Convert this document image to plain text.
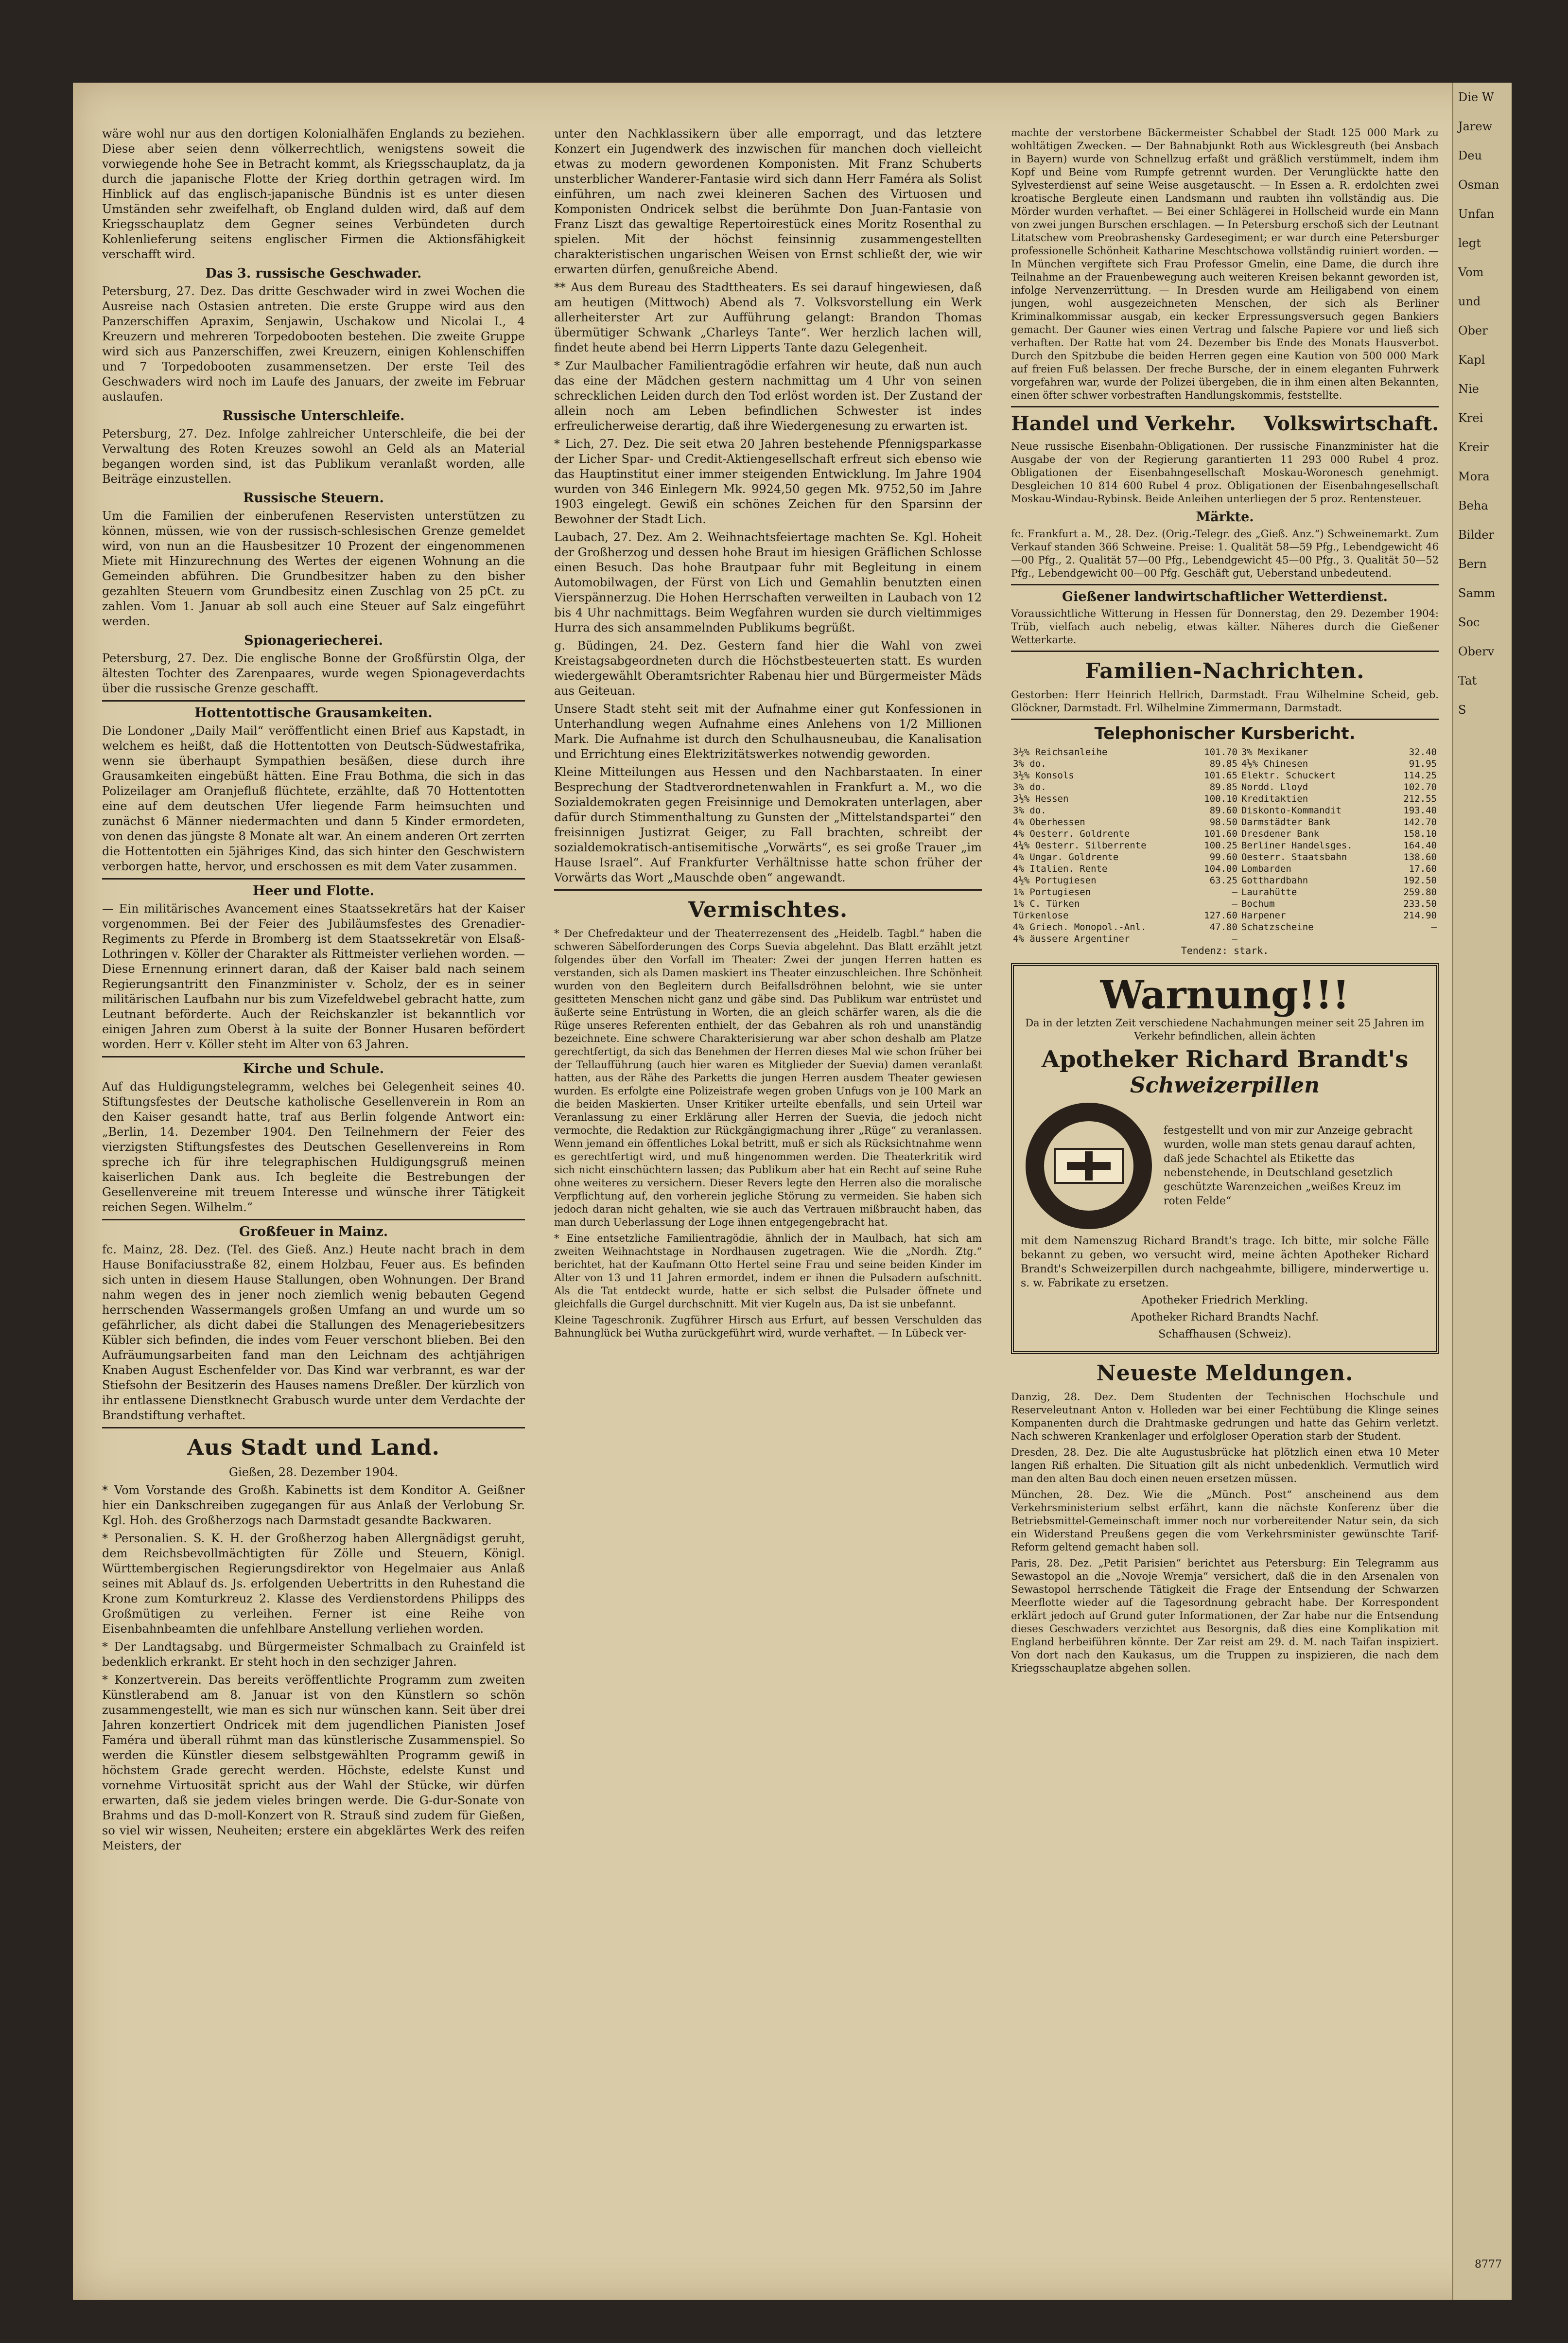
wäre wohl nur aus den dortigen Kolonialhäfen Englands zu beziehen. Diese aber seien denn völkerrechtlich, wenigstens soweit die vorwiegende hohe See in Betracht kommt, als Kriegsschauplatz, da ja durch die japanische Flotte der Krieg dorthin getragen wird. Im Hinblick auf das englisch-japanische Bündnis ist es unter diesen Umständen sehr zweifelhaft, ob England dulden wird, daß auf dem Kriegsschauplatz dem Gegner seines Verbündeten durch Kohlenlieferung seitens englischer Firmen die Aktionsfähigkeit verschafft wird.

Das 3. russische Geschwader.

Petersburg, 27. Dez. Das dritte Geschwader wird in zwei Wochen die Ausreise nach Ostasien antreten. Die erste Gruppe wird aus den Panzerschiffen Apraxim, Senjawin, Uschakow und Nicolai I., 4 Kreuzern und mehreren Torpedobooten bestehen. Die zweite Gruppe wird sich aus Panzerschiffen, zwei Kreuzern, einigen Kohlenschiffen und 7 Torpedobooten zusammensetzen. Der erste Teil des Geschwaders wird noch im Laufe des Januars, der zweite im Februar auslaufen.

Russische Unterschleife.

Petersburg, 27. Dez. Infolge zahlreicher Unterschleife, die bei der Verwaltung des Roten Kreuzes sowohl an Geld als an Material begangen worden sind, ist das Publikum veranlaßt worden, alle Beiträge einzustellen.

Russische Steuern.

Um die Familien der einberufenen Reservisten unterstützen zu können, müssen, wie von der russisch-schlesischen Grenze gemeldet wird, von nun an die Hausbesitzer 10 Prozent der eingenommenen Miete mit Hinzurechnung des Wertes der eigenen Wohnung an die Gemeinden abführen. Die Grundbesitzer haben zu den bisher gezahlten Steuern vom Grundbesitz einen Zuschlag von 25 pCt. zu zahlen. Vom 1. Januar ab soll auch eine Steuer auf Salz eingeführt werden.

Spionageriecherei.

Petersburg, 27. Dez. Die englische Bonne der Großfürstin Olga, der ältesten Tochter des Zarenpaares, wurde wegen Spionageverdachts über die russische Grenze geschafft.

Hottentottische Grausamkeiten.

Die Londoner „Daily Mail“ veröffentlicht einen Brief aus Kapstadt, in welchem es heißt, daß die Hottentotten von Deutsch-Südwestafrika, wenn sie überhaupt Sympathien besäßen, diese durch ihre Grausamkeiten eingebüßt hätten. Eine Frau Bothma, die sich in das Polizeilager am Oranjefluß flüchtete, erzählte, daß 70 Hottentotten eine auf dem deutschen Ufer liegende Farm heimsuchten und zunächst 6 Männer niedermachten und dann 5 Kinder ermordeten, von denen das jüngste 8 Monate alt war. An einem anderen Ort zerrten die Hottentotten ein 5jähriges Kind, das sich hinter den Geschwistern verborgen hatte, hervor, und erschossen es mit dem Vater zusammen.

Heer und Flotte.

— Ein militärisches Avancement eines Staatssekretärs hat der Kaiser vorgenommen. Bei der Feier des Jubiläumsfestes des Grenadier-Regiments zu Pferde in Bromberg ist dem Staatssekretär von Elsaß-Lothringen v. Köller der Charakter als Rittmeister verliehen worden. — Diese Ernennung erinnert daran, daß der Kaiser bald nach seinem Regierungsantritt den Finanzminister v. Scholz, der es in seiner militärischen Laufbahn nur bis zum Vizefeldwebel gebracht hatte, zum Leutnant beförderte. Auch der Reichskanzler ist bekanntlich vor einigen Jahren zum Oberst à la suite der Bonner Husaren befördert worden. Herr v. Köller steht im Alter von 63 Jahren.

Kirche und Schule.

Auf das Huldigungstelegramm, welches bei Gelegenheit seines 40. Stiftungsfestes der Deutsche katholische Gesellenverein in Rom an den Kaiser gesandt hatte, traf aus Berlin folgende Antwort ein: „Berlin, 14. Dezember 1904. Den Teilnehmern der Feier des vierzigsten Stiftungsfestes des Deutschen Gesellenvereins in Rom spreche ich für ihre telegraphischen Huldigungsgruß meinen kaiserlichen Dank aus. Ich begleite die Bestrebungen der Gesellenvereine mit treuem Interesse und wünsche ihrer Tätigkeit reichen Segen. Wilhelm.“

Großfeuer in Mainz.

fc. Mainz, 28. Dez. (Tel. des Gieß. Anz.) Heute nacht brach in dem Hause Bonifaciusstraße 82, einem Holzbau, Feuer aus. Es befinden sich unten in diesem Hause Stallungen, oben Wohnungen. Der Brand nahm wegen des in jener noch ziemlich wenig bebauten Gegend herrschenden Wassermangels großen Umfang an und wurde um so gefährlicher, als dicht dabei die Stallungen des Menageriebesitzers Kübler sich befinden, die indes vom Feuer verschont blieben. Bei den Aufräumungsarbeiten fand man den Leichnam des achtjährigen Knaben August Eschenfelder vor. Das Kind war verbrannt, es war der Stiefsohn der Besitzerin des Hauses namens Dreßler. Der kürzlich von ihr entlassene Dienstknecht Grabusch wurde unter dem Verdachte der Brandstiftung verhaftet.

Aus Stadt und Land.

Gießen, 28. Dezember 1904.

* Vom Vorstande des Großh. Kabinetts ist dem Konditor A. Geißner hier ein Dankschreiben zugegangen für aus Anlaß der Verlobung Sr. Kgl. Hoh. des Großherzogs nach Darmstadt gesandte Backwaren.

* Personalien. S. K. H. der Großherzog haben Allergnädigst geruht, dem Reichsbevollmächtigten für Zölle und Steuern, Königl. Württembergischen Regierungsdirektor von Hegelmaier aus Anlaß seines mit Ablauf ds. Js. erfolgenden Uebertritts in den Ruhestand die Krone zum Komturkreuz 2. Klasse des Verdienstordens Philipps des Großmütigen zu verleihen. Ferner ist eine Reihe von Eisenbahnbeamten die unfehlbare Anstellung verliehen worden.

* Der Landtagsabg. und Bürgermeister Schmalbach zu Grainfeld ist bedenklich erkrankt. Er steht hoch in den sechziger Jahren.

* Konzertverein. Das bereits veröffentlichte Programm zum zweiten Künstlerabend am 8. Januar ist von den Künstlern so schön zusammengestellt, wie man es sich nur wünschen kann. Seit über drei Jahren konzertiert Ondricek mit dem jugendlichen Pianisten Josef Faméra und überall rühmt man das künstlerische Zusammenspiel. So werden die Künstler diesem selbstgewählten Programm gewiß in höchstem Grade gerecht werden. Höchste, edelste Kunst und vornehme Virtuosität spricht aus der Wahl der Stücke, wir dürfen erwarten, daß sie jedem vieles bringen werde. Die G-dur-Sonate von Brahms und das D-moll-Konzert von R. Strauß sind zudem für Gießen, so viel wir wissen, Neuheiten; erstere ein abgeklärtes Werk des reifen Meisters, der

unter den Nachklassikern über alle emporragt, und das letztere Konzert ein Jugendwerk des inzwischen für manchen doch vielleicht etwas zu modern gewordenen Komponisten. Mit Franz Schuberts unsterblicher Wanderer-Fantasie wird sich dann Herr Faméra als Solist einführen, um nach zwei kleineren Sachen des Virtuosen und Komponisten Ondricek selbst die berühmte Don Juan-Fantasie von Franz Liszt das gewaltige Repertoirestück eines Moritz Rosenthal zu spielen. Mit der höchst feinsinnig zusammengestellten charakteristischen ungarischen Weisen von Ernst schließt der, wie wir erwarten dürfen, genußreiche Abend.

** Aus dem Bureau des Stadttheaters. Es sei darauf hingewiesen, daß am heutigen (Mittwoch) Abend als 7. Volksvorstellung ein Werk allerheiterster Art zur Aufführung gelangt: Brandon Thomas übermütiger Schwank „Charleys Tante“. Wer herzlich lachen will, findet heute abend bei Herrn Lipperts Tante dazu Gelegenheit.

* Zur Maulbacher Familientragödie erfahren wir heute, daß nun auch das eine der Mädchen gestern nachmittag um 4 Uhr von seinen schrecklichen Leiden durch den Tod erlöst worden ist. Der Zustand der allein noch am Leben befindlichen Schwester ist indes erfreulicherweise derartig, daß ihre Wiedergenesung zu erwarten ist.

* Lich, 27. Dez. Die seit etwa 20 Jahren bestehende Pfennigsparkasse der Licher Spar- und Credit-Aktiengesellschaft erfreut sich ebenso wie das Hauptinstitut einer immer steigenden Entwicklung. Im Jahre 1904 wurden von 346 Einlegern Mk. 9924,50 gegen Mk. 9752,50 im Jahre 1903 eingelegt. Gewiß ein schönes Zeichen für den Sparsinn der Bewohner der Stadt Lich.

Laubach, 27. Dez. Am 2. Weihnachtsfeiertage machten Se. Kgl. Hoheit der Großherzog und dessen hohe Braut im hiesigen Gräflichen Schlosse einen Besuch. Das hohe Brautpaar fuhr mit Begleitung in einem Automobilwagen, der Fürst von Lich und Gemahlin benutzten einen Vierspännerzug. Die Hohen Herrschaften verweilten in Laubach von 12 bis 4 Uhr nachmittags. Beim Wegfahren wurden sie durch vieltimmiges Hurra des sich ansammelnden Publikums begrüßt.

g. Büdingen, 24. Dez. Gestern fand hier die Wahl von zwei Kreistagsabgeordneten durch die Höchstbesteuerten statt. Es wurden wiedergewählt Oberamtsrichter Rabenau hier und Bürgermeister Mäds aus Geiteuan.

Unsere Stadt steht seit mit der Aufnahme einer gut Konfessionen in Unterhandlung wegen Aufnahme eines Anlehens von 1/2 Millionen Mark. Die Aufnahme ist durch den Schulhausneubau, die Kanalisation und Errichtung eines Elektrizitätswerkes notwendig geworden.

Kleine Mitteilungen aus Hessen und den Nachbarstaaten. In einer Besprechung der Stadtverordnetenwahlen in Frankfurt a. M., wo die Sozialdemokraten gegen Freisinnige und Demokraten unterlagen, aber dafür durch Stimmenthaltung zu Gunsten der „Mittelstandspartei“ den freisinnigen Justizrat Geiger, zu Fall brachten, schreibt der sozialdemokratisch-antisemitische „Vorwärts“, es sei große Trauer „im Hause Israel“. Auf Frankfurter Verhältnisse hatte schon früher der Vorwärts das Wort „Mauschde oben“ angewandt.

Vermischtes.

* Der Chefredakteur und der Theaterrezensent des „Heidelb. Tagbl.“ haben die schweren Säbelforderungen des Corps Suevia abgelehnt. Das Blatt erzählt jetzt folgendes über den Vorfall im Theater: Zwei der jungen Herren hatten es verstanden, sich als Damen maskiert ins Theater einzuschleichen. Ihre Schönheit wurden von den Begleitern durch Beifallsdröhnen belohnt, wie sie unter gesitteten Menschen nicht ganz und gäbe sind. Das Publikum war entrüstet und äußerte seine Entrüstung in Worten, die an gleich schärfer waren, als die die Rüge unseres Referenten enthielt, der das Gebahren als roh und unanständig bezeichnete. Eine schwere Charakterisierung war aber schon deshalb am Platze gerechtfertigt, da sich das Benehmen der Herren dieses Mal wie schon früher bei der Tellaufführung (auch hier waren es Mitglieder der Suevia) damen veranlaßt hatten, aus der Rähe des Parketts die jungen Herren ausdem Theater gewiesen wurden. Es erfolgte eine Polizeistrafe wegen groben Unfugs von je 100 Mark an die beiden Maskierten. Unser Kritiker urteilte ebenfalls, und sein Urteil war Veranlassung zu einer Erklärung aller Herren der Suevia, die jedoch nicht vermochte, die Redaktion zur Rückgängigmachung ihrer „Rüge“ zu veranlassen. Wenn jemand ein öffentliches Lokal betritt, muß er sich als Rücksichtnahme wenn es gerechtfertigt wird, und muß hingenommen werden. Die Theaterkritik wird sich nicht einschüchtern lassen; das Publikum aber hat ein Recht auf seine Ruhe ohne weiteres zu versichern. Dieser Revers legte den Herren also die moralische Verpflichtung auf, den vorherein jegliche Störung zu vermeiden. Sie haben sich jedoch daran nicht gehalten, wie sie auch das Vertrauen mißbraucht haben, das man durch Ueberlassung der Loge ihnen entgegengebracht hat.

* Eine entsetzliche Familientragödie, ähnlich der in Maulbach, hat sich am zweiten Weihnachtstage in Nordhausen zugetragen. Wie die „Nordh. Ztg.“ berichtet, hat der Kaufmann Otto Hertel seine Frau und seine beiden Kinder im Alter von 13 und 11 Jahren ermordet, indem er ihnen die Pulsadern aufschnitt. Als die Tat entdeckt wurde, hatte er sich selbst die Pulsader öffnete und gleichfalls die Gurgel durchschnitt. Mit vier Kugeln aus, Da ist sie unbefannt.

Kleine Tageschronik. Zugführer Hirsch aus Erfurt, auf bessen Verschulden das Bahnunglück bei Wutha zurückgeführt wird, wurde verhaftet. — In Lübeck ver-

machte der verstorbene Bäckermeister Schabbel der Stadt 125 000 Mark zu wohltätigen Zwecken. — Der Bahnabjunkt Roth aus Wicklesgreuth (bei Ansbach in Bayern) wurde von Schnellzug erfaßt und gräßlich verstümmelt, indem ihm Kopf und Beine vom Rumpfe getrennt wurden. Der Verunglückte hatte den Sylvesterdienst auf seine Weise ausgetauscht. — In Essen a. R. erdolchten zwei kroatische Bergleute einen Landsmann und raubten ihn vollständig aus. Die Mörder wurden verhaftet. — Bei einer Schlägerei in Hollscheid wurde ein Mann von zwei jungen Burschen erschlagen. — In Petersburg erschoß sich der Leutnant Litatschew vom Preobrashensky Gardesegiment; er war durch eine Petersburger professionelle Schönheit Katharine Meschtschowa vollständig ruiniert worden. — In München vergiftete sich Frau Professor Gmelin, eine Dame, die durch ihre Teilnahme an der Frauenbewegung auch weiteren Kreisen bekannt geworden ist, infolge Nervenzerrüttung. — In Dresden wurde am Heiligabend von einem jungen, wohl ausgezeichneten Menschen, der sich als Berliner Kriminalkommissar ausgab, ein kecker Erpressungsversuch gegen Bankiers gemacht. Der Gauner wies einen Vertrag und falsche Papiere vor und ließ sich verhaften. Der Ratte hat vom 24. Dezember bis Ende des Monats Hausverbot. Durch den Spitzbube die beiden Herren gegen eine Kaution von 500 000 Mark auf freien Fuß belassen. Der freche Bursche, der in einem eleganten Fuhrwerk vorgefahren war, wurde der Polizei übergeben, die in ihm einen alten Bekannten, einen öfter schwer vorbestraften Handlungskommis, feststellte.

Handel und Verkehr. Volkswirtschaft.

Neue russische Eisenbahn-Obligationen. Der russische Finanzminister hat die Ausgabe der von der Regierung garantierten 11 293 000 Rubel 4 proz. Obligationen der Eisenbahngesellschaft Moskau-Woronesch genehmigt. Desgleichen 10 814 600 Rubel 4 proz. Obligationen der Eisenbahngesellschaft Moskau-Windau-Rybinsk. Beide Anleihen unterliegen der 5 proz. Rentensteuer.

Märkte.

fc. Frankfurt a. M., 28. Dez. (Orig.-Telegr. des „Gieß. Anz.“) Schweinemarkt. Zum Verkauf standen 366 Schweine. Preise: 1. Qualität 58—59 Pfg., Lebendgewicht 46—00 Pfg., 2. Qualität 57—00 Pfg., Lebendgewicht 45—00 Pfg., 3. Qualität 50—52 Pfg., Lebendgewicht 00—00 Pfg. Geschäft gut, Ueberstand unbedeutend.

Gießener landwirtschaftlicher Wetterdienst.

Voraussichtliche Witterung in Hessen für Donnerstag, den 29. Dezember 1904: Trüb, vielfach auch nebelig, etwas kälter. Näheres durch die Gießener Wetterkarte.

Familien-Nachrichten.

Gestorben: Herr Heinrich Hellrich, Darmstadt. Frau Wilhelmine Scheid, geb. Glöckner, Darmstadt. Frl. Wilhelmine Zimmermann, Darmstadt.

Telephonischer Kursbericht.
3½% Reichsanleihe	101.70	3% Mexikaner	32.40
3% do.	89.85	4½% Chinesen	91.95
3½% Konsols	101.65	Elektr. Schuckert	114.25
3% do.	89.85	Nordd. Lloyd	102.70
3½% Hessen	100.10	Kreditaktien	212.55
3% do.	89.60	Diskonto-Kommandit	193.40
4% Oberhessen	98.50	Darmstädter Bank	142.70
4% Oesterr. Goldrente	101.60	Dresdener Bank	158.10
4¼% Oesterr. Silberrente	100.25	Berliner Handelsges.	164.40
4% Ungar. Goldrente	99.60	Oesterr. Staatsbahn	138.60
4% Italien. Rente	104.00	Lombarden	17.60
4½% Portugiesen	63.25	Gotthardbahn	192.50
1% Portugiesen	—	Laurahütte	259.80
1% C. Türken	—	Bochum	233.50
Türkenlose	127.60	Harpener	214.90
4% Griech. Monopol.-Anl.	47.80	Schatzscheine	—
4% äussere Argentiner	—		
Tendenz: stark.
Warnung!!!

Da in der letzten Zeit verschiedene Nachahmungen meiner seit 25 Jahren im Verkehr befindlichen, allein ächten

Apotheker Richard Brandt's
Schweizerpillen
festgestellt und von mir zur Anzeige gebracht wurden, wolle man stets genau darauf achten, daß jede Schachtel als Etikette das nebenstehende, in Deutschland gesetzlich geschützte Warenzeichen „weißes Kreuz im roten Felde“

mit dem Namenszug Richard Brandt's trage. Ich bitte, mir solche Fälle bekannt zu geben, wo versucht wird, meine ächten Apotheker Richard Brandt's Schweizerpillen durch nachgeahmte, billigere, minderwertige u. s. w. Fabrikate zu ersetzen.

Apotheker Friedrich Merkling.

Apotheker Richard Brandts Nachf.

Schaffhausen (Schweiz).

Neueste Meldungen.

Danzig, 28. Dez. Dem Studenten der Technischen Hochschule und Reserveleutnant Anton v. Holleden war bei einer Fechtübung die Klinge seines Kompanenten durch die Drahtmaske gedrungen und hatte das Gehirn verletzt. Nach schweren Krankenlager und erfolgloser Operation starb der Student.

Dresden, 28. Dez. Die alte Augustusbrücke hat plötzlich einen etwa 10 Meter langen Riß erhalten. Die Situation gilt als nicht unbedenklich. Vermutlich wird man den alten Bau doch einen neuen ersetzen müssen.

München, 28. Dez. Wie die „Münch. Post“ anscheinend aus dem Verkehrsministerium selbst erfährt, kann die nächste Konferenz über die Betriebsmittel-Gemeinschaft immer noch nur vorbereitender Natur sein, da sich ein Widerstand Preußens gegen die vom Verkehrsminister gewünschte Tarif-Reform geltend gemacht haben soll.

Paris, 28. Dez. „Petit Parisien“ berichtet aus Petersburg: Ein Telegramm aus Sewastopol an die „Novoje Wremja“ versichert, daß die in den Arsenalen von Sewastopol herrschende Tätigkeit die Frage der Entsendung der Schwarzen Meerflotte wieder auf die Tagesordnung gebracht habe. Der Korrespondent erklärt jedoch auf Grund guter Informationen, der Zar habe nur die Entsendung dieses Geschwaders verzichtet aus Besorgnis, daß dies eine Komplikation mit England herbeiführen könnte. Der Zar reist am 29. d. M. nach Taifan inspiziert. Von dort nach den Kaukasus, um die Truppen zu inspizieren, die nach dem Kriegsschauplatze abgehen sollen.

Die W
Jarew
Deu
Osman
Unfan
legt
Vom
und
Ober
Kapl
Nie
Krei
Kreir
Mora
Beha
Bilder
Bern
Samm
Soc
Oberv
Tat
S
8777
